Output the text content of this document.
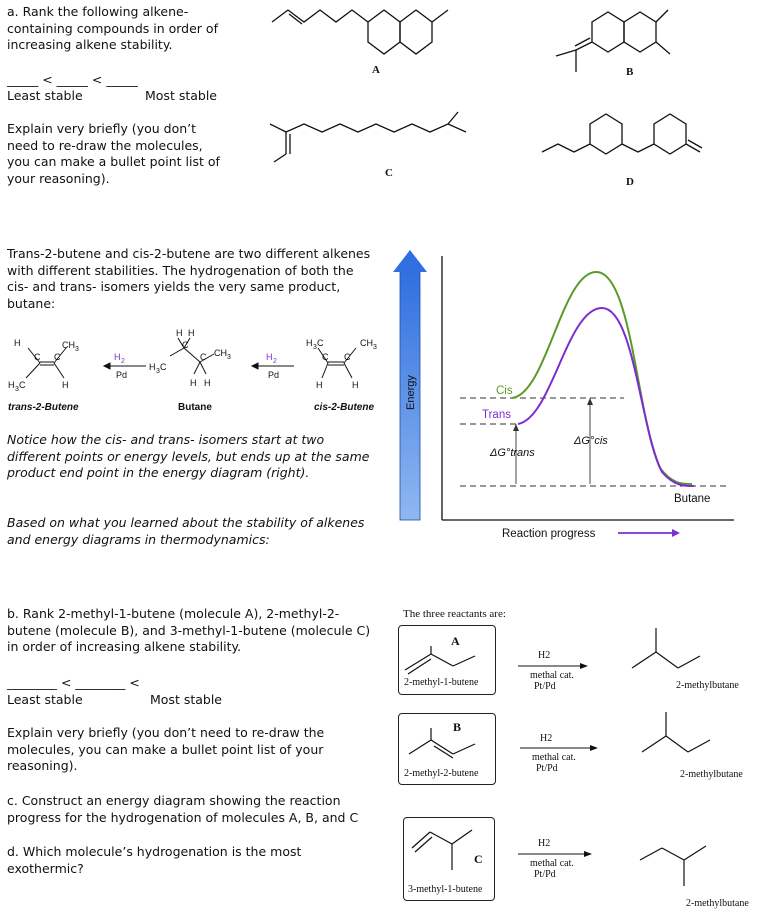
a. Rank the following alkene-containing compounds in order of increasing alkene stability.
_____ < _____ < _____
Least stable	Most stable
Explain very briefly (you don’t need to re-draw the molecules, you can make a bullet point list of your reasoning).
A	B
C
D
Trans-2-butene and cis-2-butene are two different alkenes with different stabilities. The hydrogenation of both the cis- and trans- isomers yields the very same product, butane:
H	CH 3
C C
H 3 C	H
H 2
Pd
H H
C
H 3 C
C CH 3
H H
H 2
Pd
H 3 C	CH 3
C C
H	H
trans-2-Butene	Butane	cis-2-Butene
Notice how the cis- and trans- isomers start at two different points or energy levels, but ends up at the same product end point in the energy diagram (right).
Based on what you learned about the stability of alkenes and energy diagrams in thermodynamics:
Energy	Cis
Trans
ΔG°trans
ΔG°cis
Butane
Reaction progress
b. Rank 2-methyl-1-butene (molecule A), 2-methyl-2-butene (molecule B), and 3-methyl-1-butene (molecule C) in order of increasing alkene stability.
________ < ________ <
Least stable	Most stable
Explain very briefly (you don’t need to re-draw the molecules, you can make a bullet point list of your reasoning).
c. Construct an energy diagram showing the reaction progress for the hydrogenation of molecules A, B, and C
d. Which molecule’s hydrogenation is the most exothermic?
The three reactants are:
A
2-methyl-1-butene
H2
methal cat.
Pt/Pd	2-methylbutane
B
2-methyl-2-butene
H2
methal cat.
Pt/Pd
2-methylbutane
C
3-methyl-1-butene
H2
methal cat.
Pt/Pd
2-methylbutane
